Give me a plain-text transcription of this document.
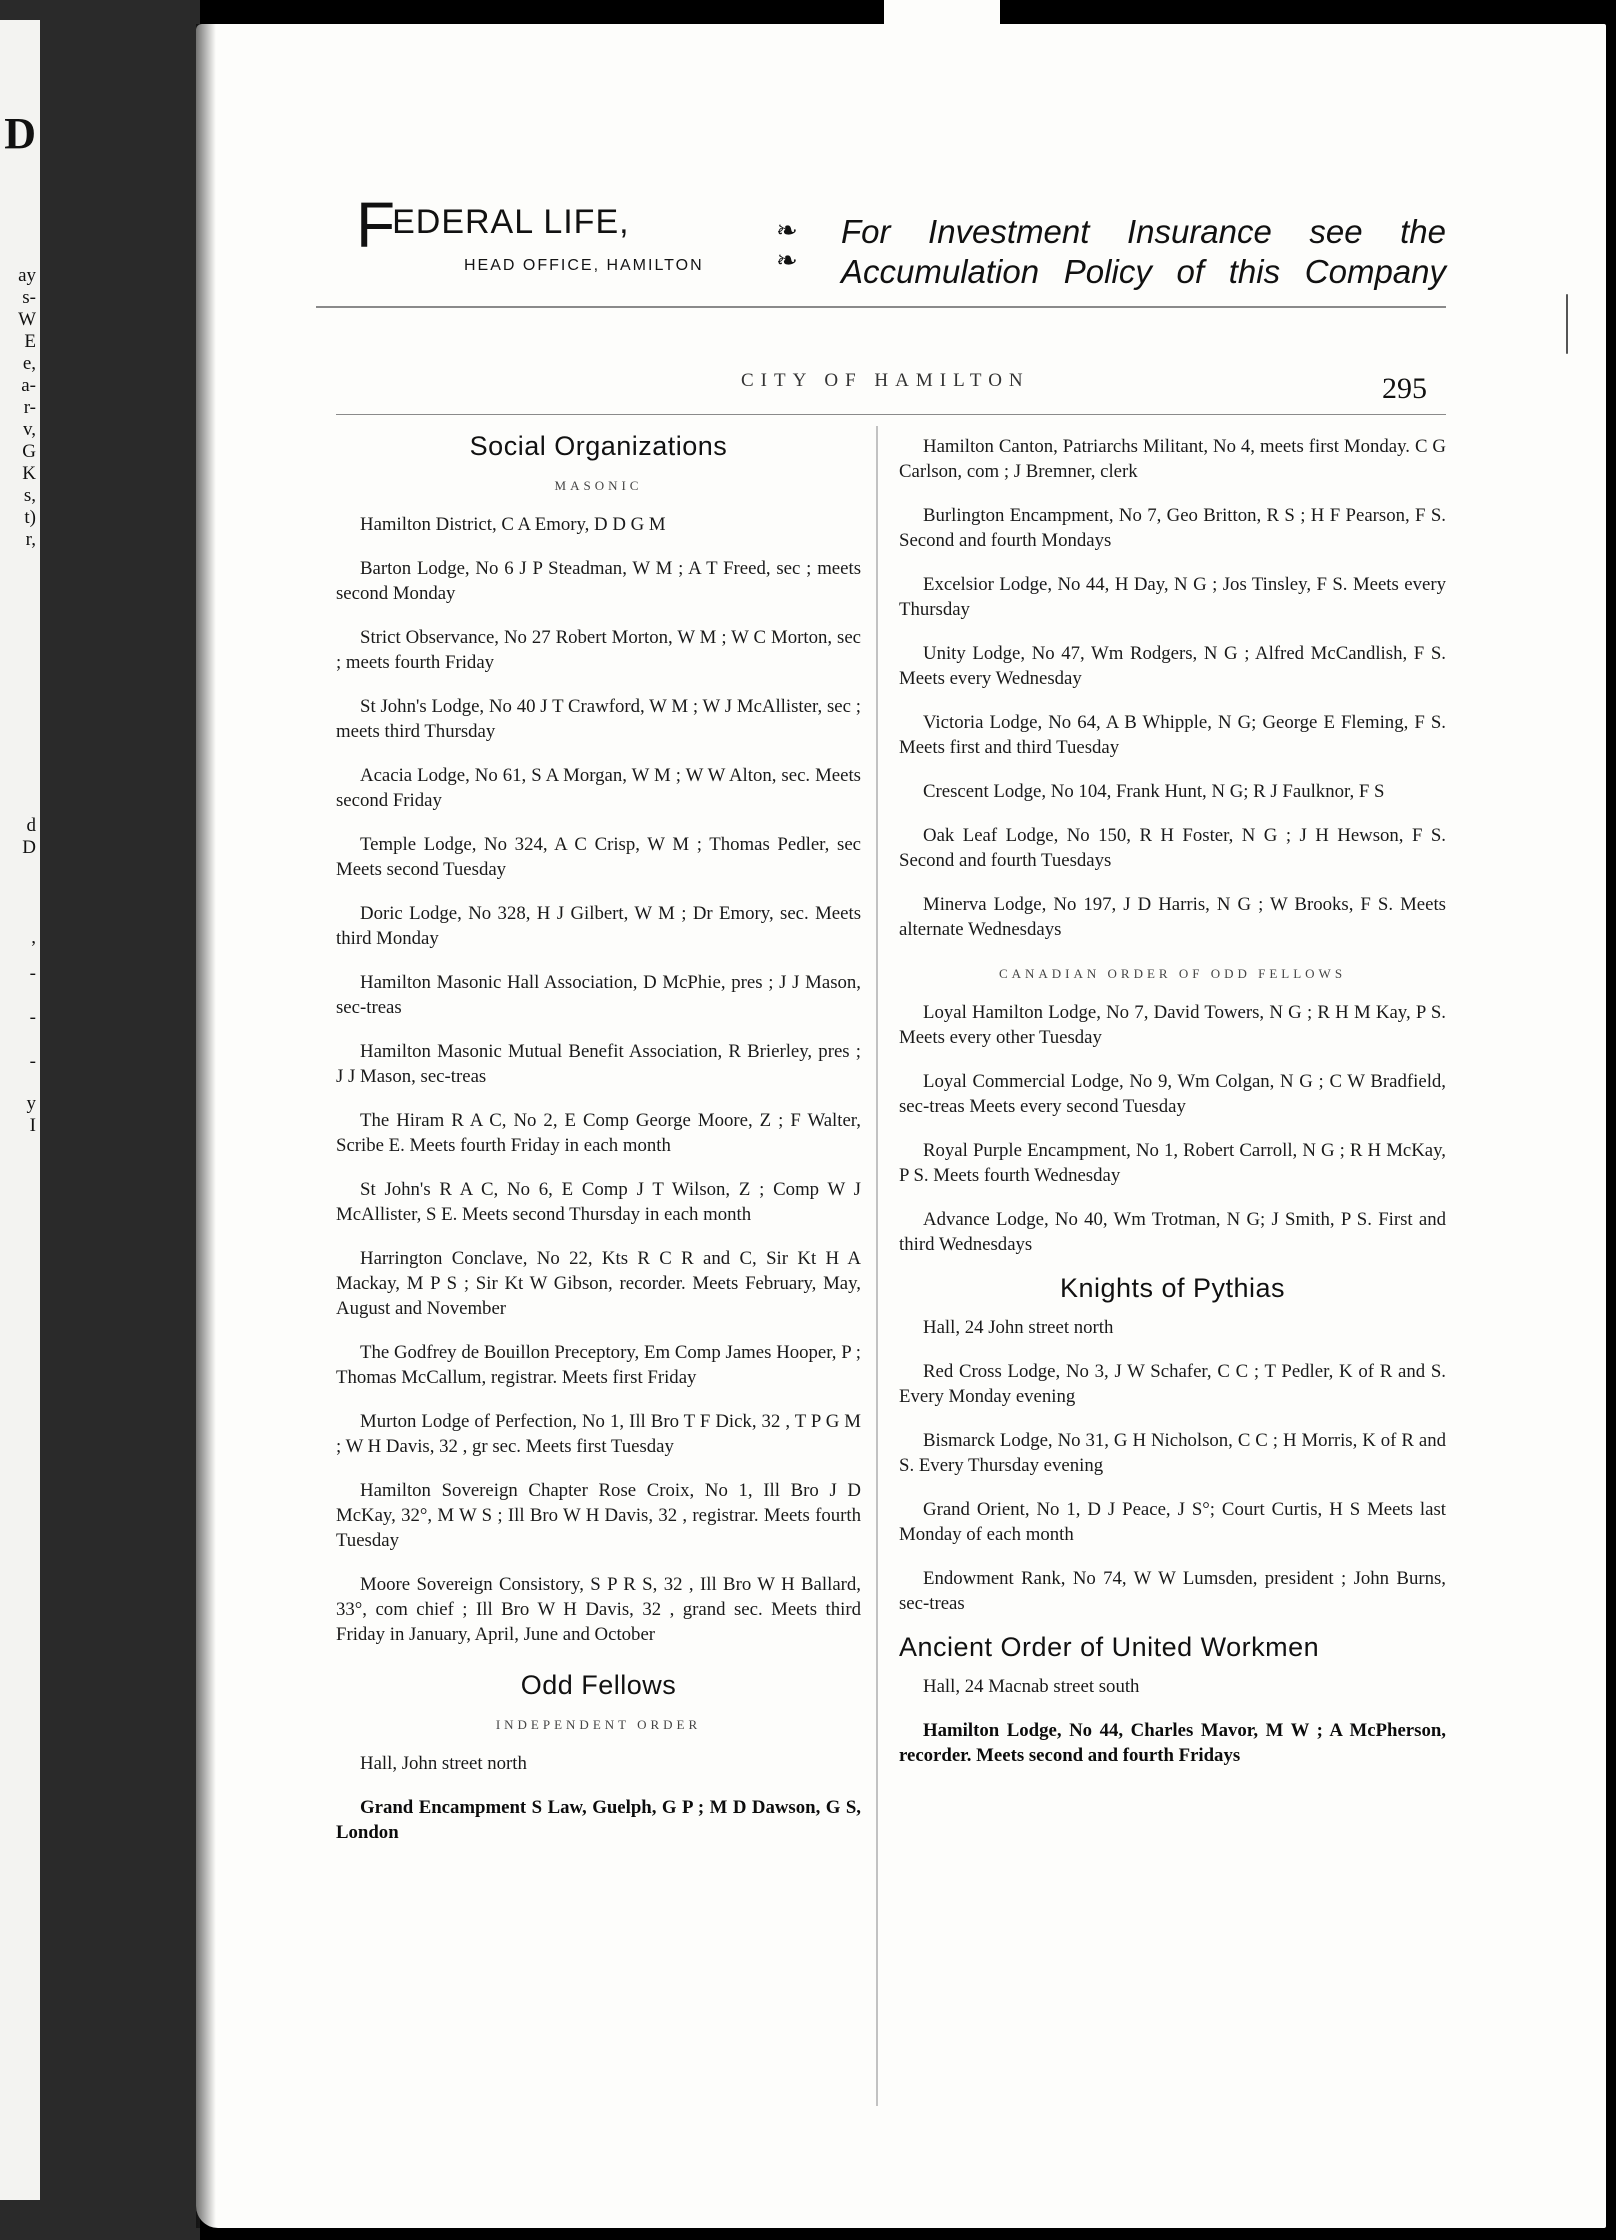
D
ay
s-
W
E
e,
a-
r-
v,
G
K
s,
t)
r,
d
D
,
-
-
-
y
I
FEDERAL LIFE,
HEAD OFFICE, HAMILTON
❧
❧
For Investment Insurance see the
Accumulation Policy of this Company
CITY OF HAMILTON	295
Social Organizations
MASONIC

Hamilton District, C A Emory, D D G M

Barton Lodge, No 6 J P Steadman, W M ; A T Freed, sec ; meets second Monday

Strict Observance, No 27 Robert Morton, W M ; W C Morton, sec ; meets fourth Friday

St John's Lodge, No 40 J T Crawford, W M ; W J McAllister, sec ; meets third Thursday

Acacia Lodge, No 61, S A Morgan, W M ; W W Alton, sec. Meets second Friday

Temple Lodge, No 324, A C Crisp, W M ; Thomas Pedler, sec Meets second Tuesday

Doric Lodge, No 328, H J Gilbert, W M ; Dr Emory, sec. Meets third Monday

Hamilton Masonic Hall Association, D McPhie, pres ; J J Mason, sec-treas

Hamilton Masonic Mutual Benefit Association, R Brierley, pres ; J J Mason, sec-treas

The Hiram R A C, No 2, E Comp George Moore, Z ; F Walter, Scribe E. Meets fourth Friday in each month

St John's R A C, No 6, E Comp J T Wilson, Z ; Comp W J McAllister, S E. Meets second Thursday in each month

Harrington Conclave, No 22, Kts R C R and C, Sir Kt H A Mackay, M P S ; Sir Kt W Gibson, recorder. Meets February, May, August and November

The Godfrey de Bouillon Preceptory, Em Comp James Hooper, P ; Thomas McCallum, registrar. Meets first Friday

Murton Lodge of Perfection, No 1, Ill Bro T F Dick, 32 , T P G M ; W H Davis, 32 , gr sec. Meets first Tuesday

Hamilton Sovereign Chapter Rose Croix, No 1, Ill Bro J D McKay, 32°, M W S ; Ill Bro W H Davis, 32 , registrar. Meets fourth Tuesday

Moore Sovereign Consistory, S P R S, 32 , Ill Bro W H Ballard, 33°, com chief ; Ill Bro W H Davis, 32 , grand sec. Meets third Friday in January, April, June and October

Odd Fellows
INDEPENDENT ORDER

Hall, John street north

Grand Encampment S Law, Guelph, G P ; M D Dawson, G S, London

Hamilton Canton, Patriarchs Militant, No 4, meets first Monday. C G Carlson, com ; J Bremner, clerk

Burlington Encampment, No 7, Geo Britton, R S ; H F Pearson, F S. Second and fourth Mondays

Excelsior Lodge, No 44, H Day, N G ; Jos Tinsley, F S. Meets every Thursday

Unity Lodge, No 47, Wm Rodgers, N G ; Alfred McCandlish, F S. Meets every Wednesday

Victoria Lodge, No 64, A B Whipple, N G; George E Fleming, F S. Meets first and third Tuesday

Crescent Lodge, No 104, Frank Hunt, N G; R J Faulknor, F S

Oak Leaf Lodge, No 150, R H Foster, N G ; J H Hewson, F S. Second and fourth Tuesdays

Minerva Lodge, No 197, J D Harris, N G ; W Brooks, F S. Meets alternate Wednesdays

CANADIAN ORDER OF ODD FELLOWS

Loyal Hamilton Lodge, No 7, David Towers, N G ; R H M Kay, P S. Meets every other Tuesday

Loyal Commercial Lodge, No 9, Wm Colgan, N G ; C W Bradfield, sec-treas Meets every second Tuesday

Royal Purple Encampment, No 1, Robert Carroll, N G ; R H McKay, P S. Meets fourth Wednesday

Advance Lodge, No 40, Wm Trotman, N G; J Smith, P S. First and third Wednesdays

Knights of Pythias

Hall, 24 John street north

Red Cross Lodge, No 3, J W Schafer, C C ; T Pedler, K of R and S. Every Monday evening

Bismarck Lodge, No 31, G H Nicholson, C C ; H Morris, K of R and S. Every Thursday evening

Grand Orient, No 1, D J Peace, J S°; Court Curtis, H S Meets last Monday of each month

Endowment Rank, No 74, W W Lumsden, president ; John Burns, sec-treas

Ancient Order of United Workmen

Hall, 24 Macnab street south

Hamilton Lodge, No 44, Charles Mavor, M W ; A McPherson, recorder. Meets second and fourth Fridays
